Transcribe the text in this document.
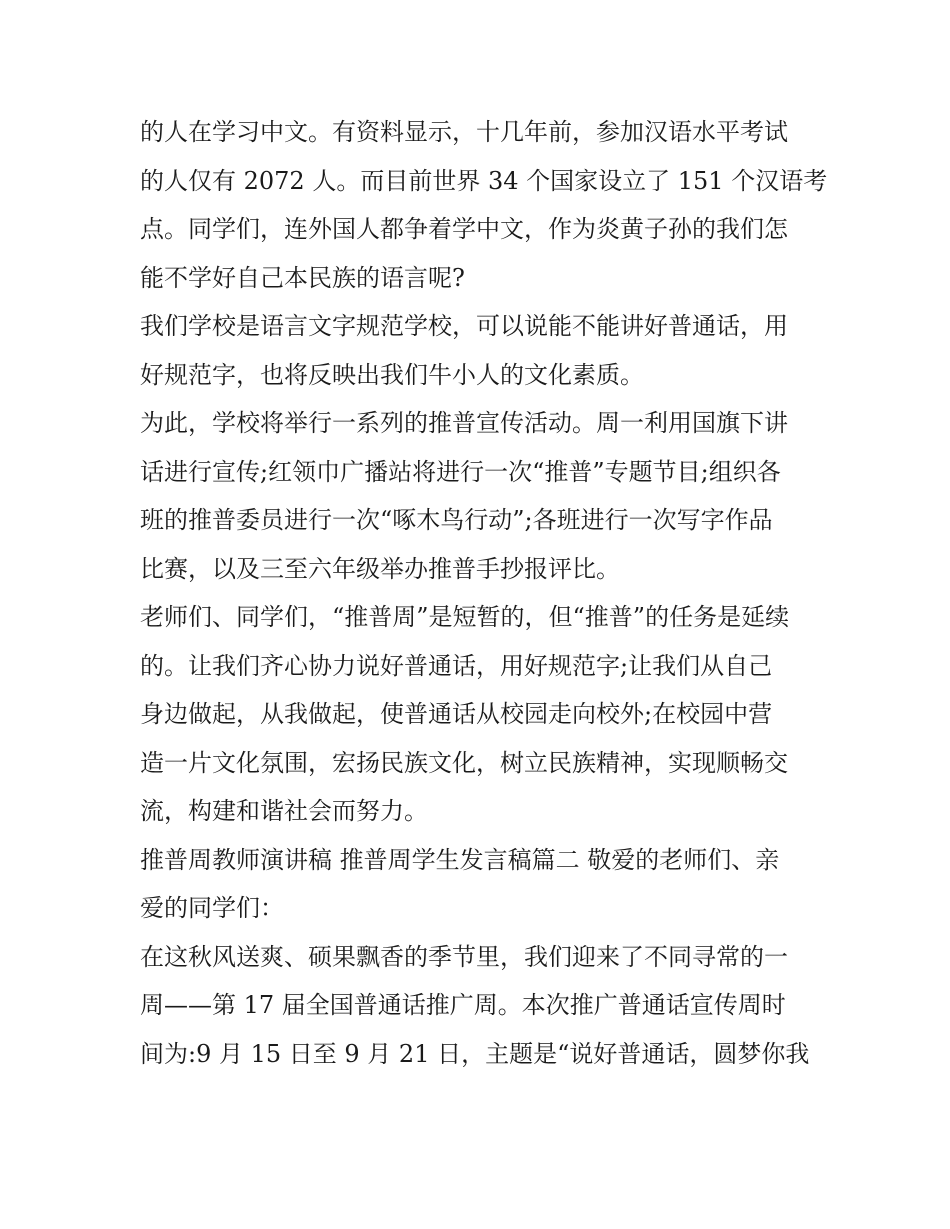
的人在学习中文。有资料显示，十几年前，参加汉语水平考试
的人仅有 2072 人。而目前世界 34 个国家设立了 151 个汉语考
点。同学们，连外国人都争着学中文，作为炎黄子孙的我们怎
能不学好自己本民族的语言呢?
我们学校是语言文字规范学校，可以说能不能讲好普通话，用
好规范字，也将反映出我们牛小人的文化素质。
为此，学校将举行一系列的推普宣传活动。周一利用国旗下讲
话进行宣传;红领巾广播站将进行一次“推普”专题节目;组织各
班的推普委员进行一次“啄木鸟行动”;各班进行一次写字作品
比赛，以及三至六年级举办推普手抄报评比。
老师们、同学们，“推普周”是短暂的，但“推普”的任务是延续
的。让我们齐心协力说好普通话，用好规范字;让我们从自己
身边做起，从我做起，使普通话从校园走向校外;在校园中营
造一片文化氛围，宏扬民族文化，树立民族精神，实现顺畅交
流，构建和谐社会而努力。
推普周教师演讲稿 推普周学生发言稿篇二 敬爱的老师们、亲
爱的同学们：
在这秋风送爽、硕果飘香的季节里，我们迎来了不同寻常的一
周——第 17 届全国普通话推广周。本次推广普通话宣传周时
间为:9 月 15 日至 9 月 21 日，主题是“说好普通话，圆梦你我
